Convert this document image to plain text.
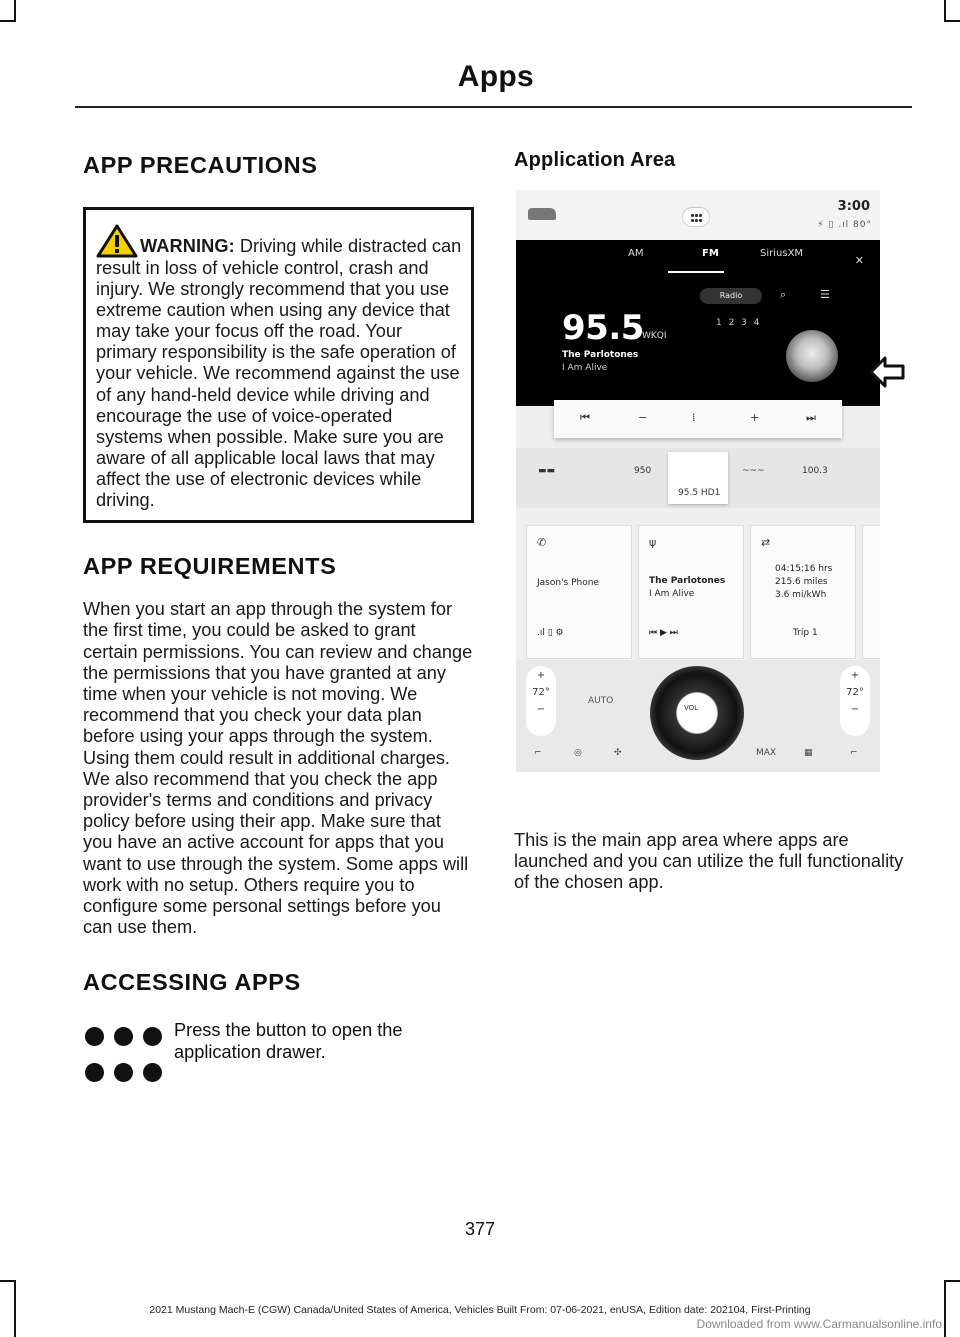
Apps
APP PRECAUTIONS
WARNING: Driving while distracted can result in loss of vehicle control, crash and injury. We strongly recommend that you use extreme caution when using any device that may take your focus off the road. Your primary responsibility is the safe operation of your vehicle. We recommend against the use of any hand-held device while driving and encourage the use of voice-operated systems when possible. Make sure you are aware of all applicable local laws that may affect the use of electronic devices while driving.
APP REQUIREMENTS

When you start an app through the system for the first time, you could be asked to grant certain permissions. You can review and change the permissions that you have granted at any time when your vehicle is not moving. We recommend that you check your data plan before using your apps through the system. Using them could result in additional charges. We also recommend that you check the app provider's terms and conditions and privacy policy before using their app. Make sure that you have an active account for apps that you want to use through the system. Some apps will work with no setup. Others require you to configure some personal settings before you can use them.

ACCESSING APPS

Press the button to open the application drawer.

Application Area
3:00
⚡ ▯ .ıl 80°
AM	FM	SiriusXM
✕
Radio	⌕	☰
95.5
WKQI
1 2 3 4
The Parlotones
I Am Alive
⏮	−	⁞	+	⏭
▬▬	950
95.5 HD1
~~~	100.3
✆
Jason's Phone
.ıl ▯ ⚙
ψ
The Parlotones
I Am Alive
⏮ ▶ ⏭
⇄
04:15:16 hrs
215.6 miles
3.6 mi/kWh
Trip 1
+
72°
−
AUTO
VOL
+
72°
−
⌐	◎	✣	MAX	▦	⌐

This is the main app area where apps are launched and you can utilize the full functionality of the chosen app.

377
2021 Mustang Mach-E (CGW) Canada/United States of America, Vehicles Built From: 07-06-2021, enUSA, Edition date: 202104, First-Printing
Downloaded from www.Carmanualsonline.info
